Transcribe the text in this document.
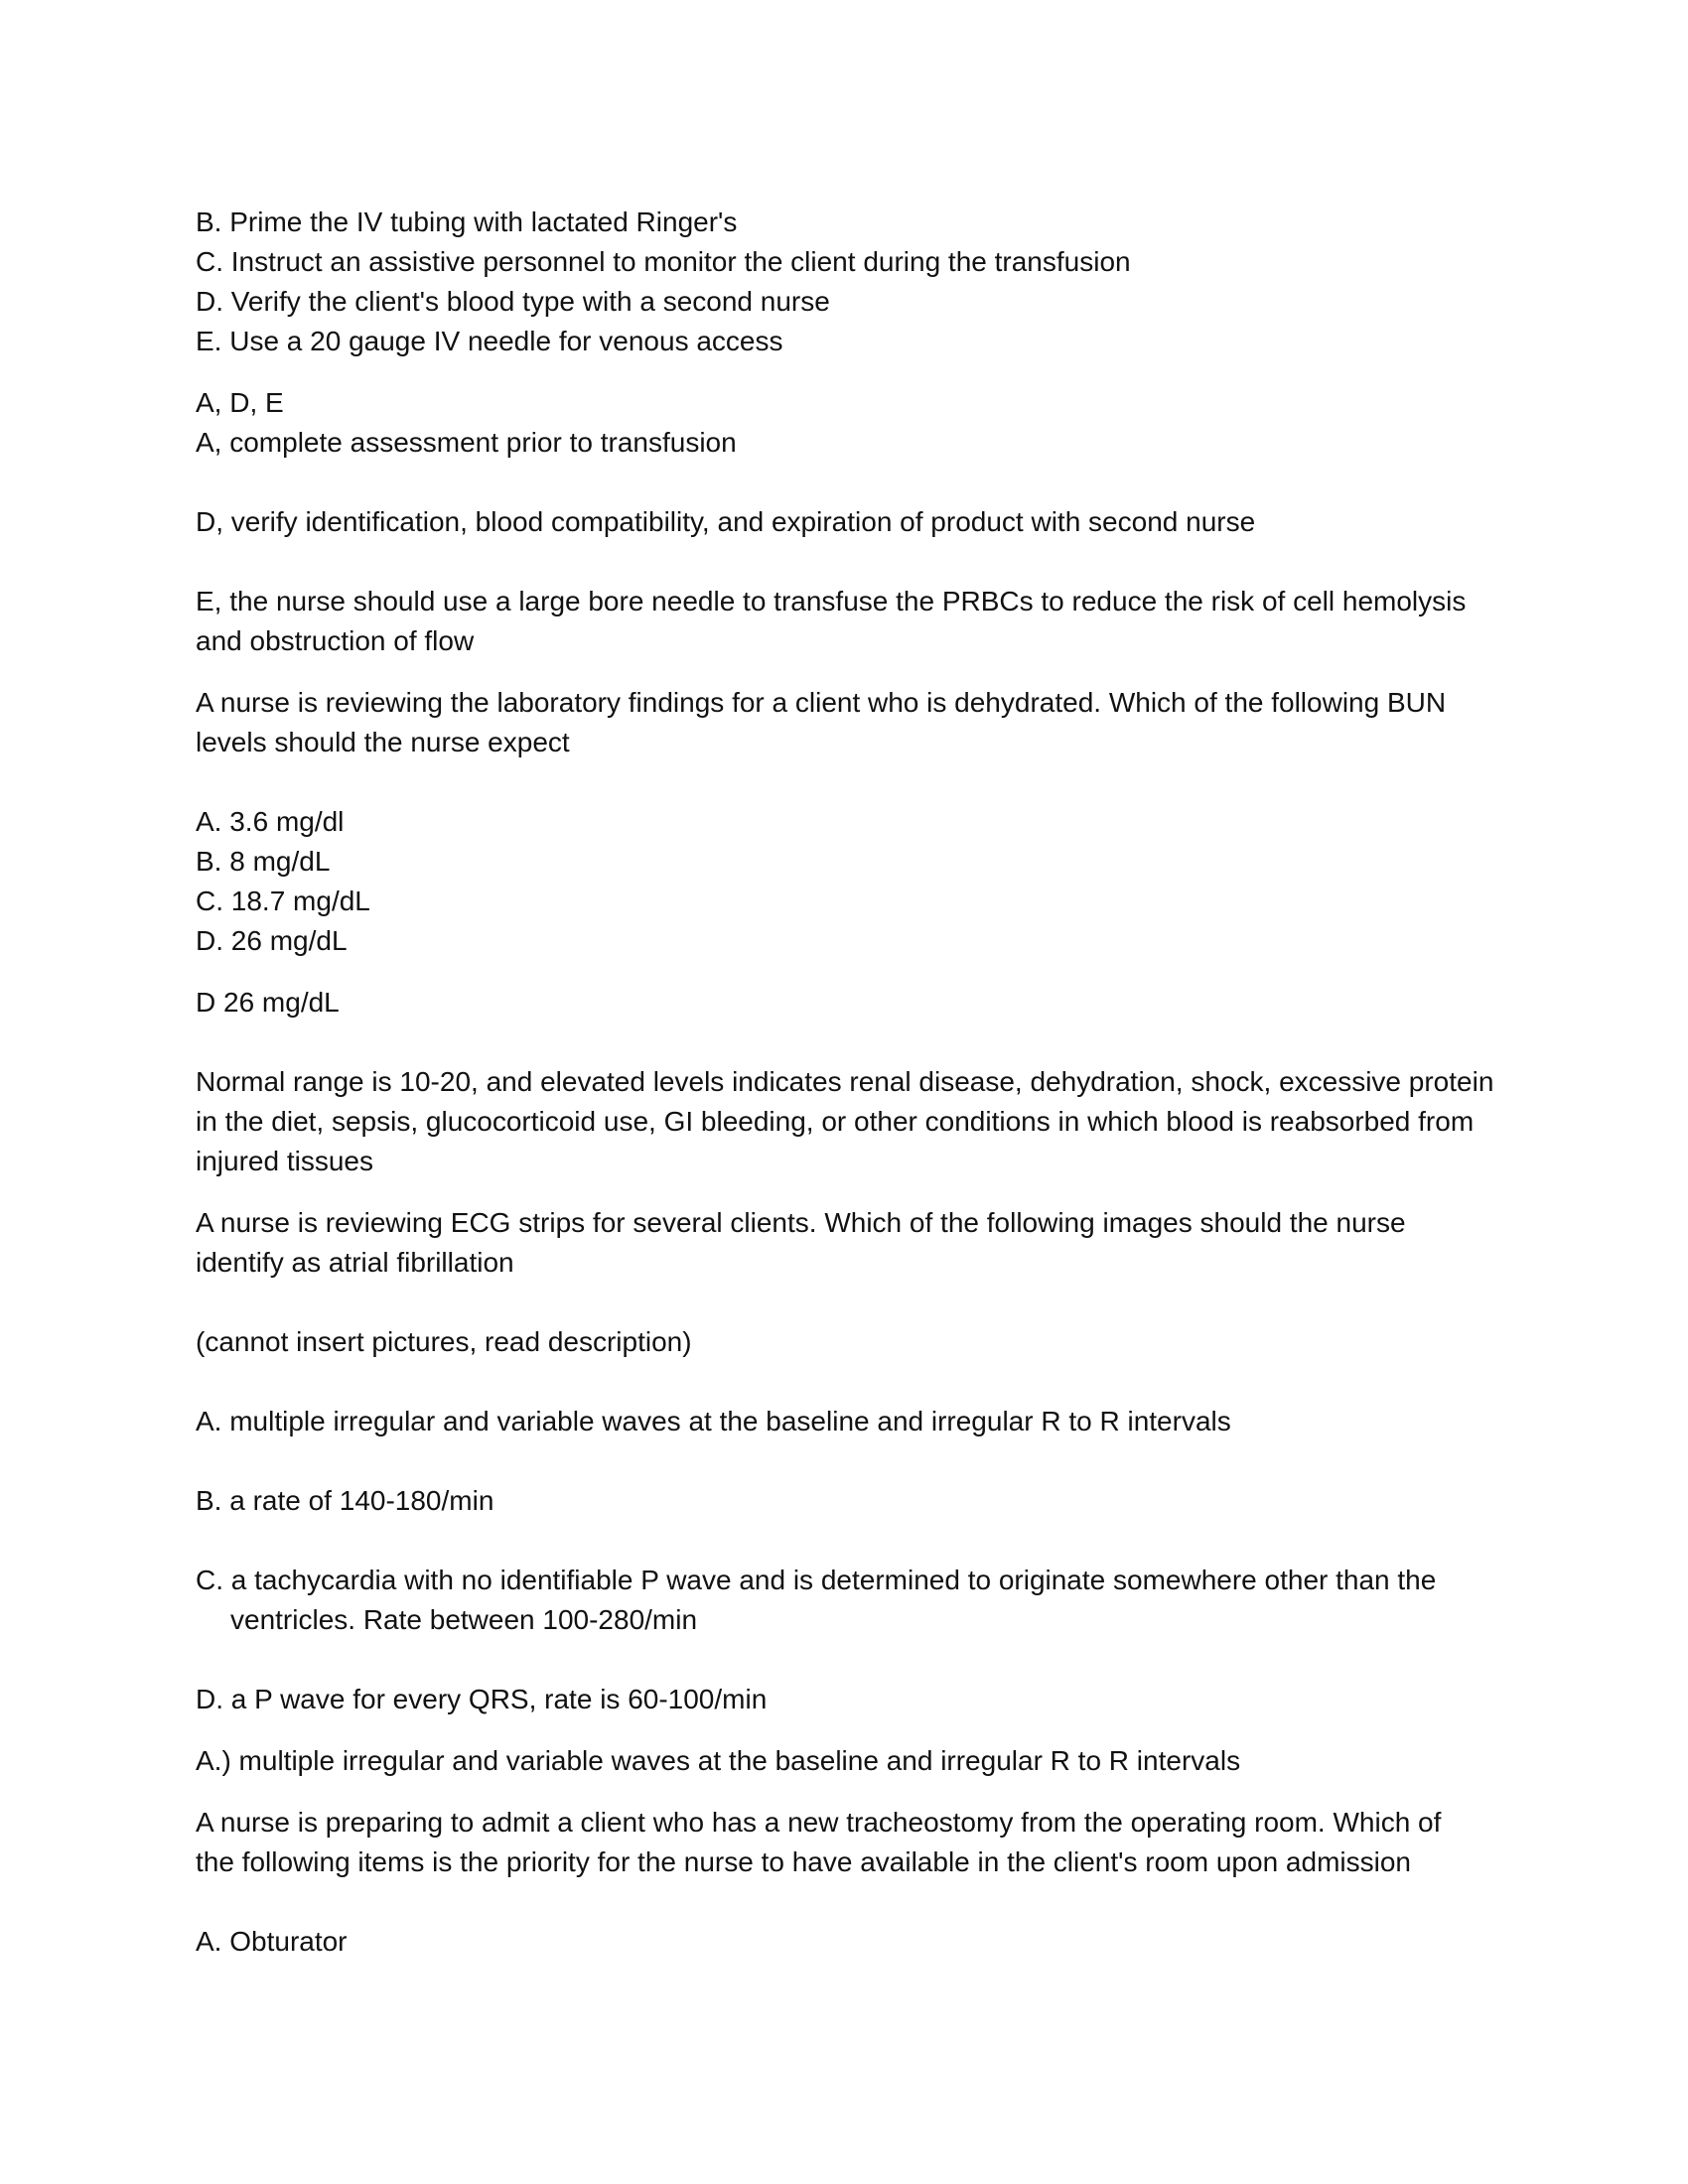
B. Prime the IV tubing with lactated Ringer's
C. Instruct an assistive personnel to monitor the client during the transfusion
D. Verify the client's blood type with a second nurse
E. Use a 20 gauge IV needle for venous access
A, D, E
A, complete assessment prior to transfusion
D, verify identification, blood compatibility, and expiration of product with second nurse
E, the nurse should use a large bore needle to transfuse the PRBCs to reduce the risk of cell hemolysis
and obstruction of flow
A nurse is reviewing the laboratory findings for a client who is dehydrated. Which of the following BUN
levels should the nurse expect
A. 3.6 mg/dl
B. 8 mg/dL
C. 18.7 mg/dL
D. 26 mg/dL
D 26 mg/dL
Normal range is 10-20, and elevated levels indicates renal disease, dehydration, shock, excessive protein
in the diet, sepsis, glucocorticoid use, GI bleeding, or other conditions in which blood is reabsorbed from
injured tissues
A nurse is reviewing ECG strips for several clients. Which of the following images should the nurse
identify as atrial fibrillation
(cannot insert pictures, read description)
A. multiple irregular and variable waves at the baseline and irregular R to R intervals
B. a rate of 140-180/min
C. a tachycardia with no identifiable P wave and is determined to originate somewhere other than the
ventricles. Rate between 100-280/min
D. a P wave for every QRS, rate is 60-100/min
A.) multiple irregular and variable waves at the baseline and irregular R to R intervals
A nurse is preparing to admit a client who has a new tracheostomy from the operating room. Which of
the following items is the priority for the nurse to have available in the client's room upon admission
A. Obturator
